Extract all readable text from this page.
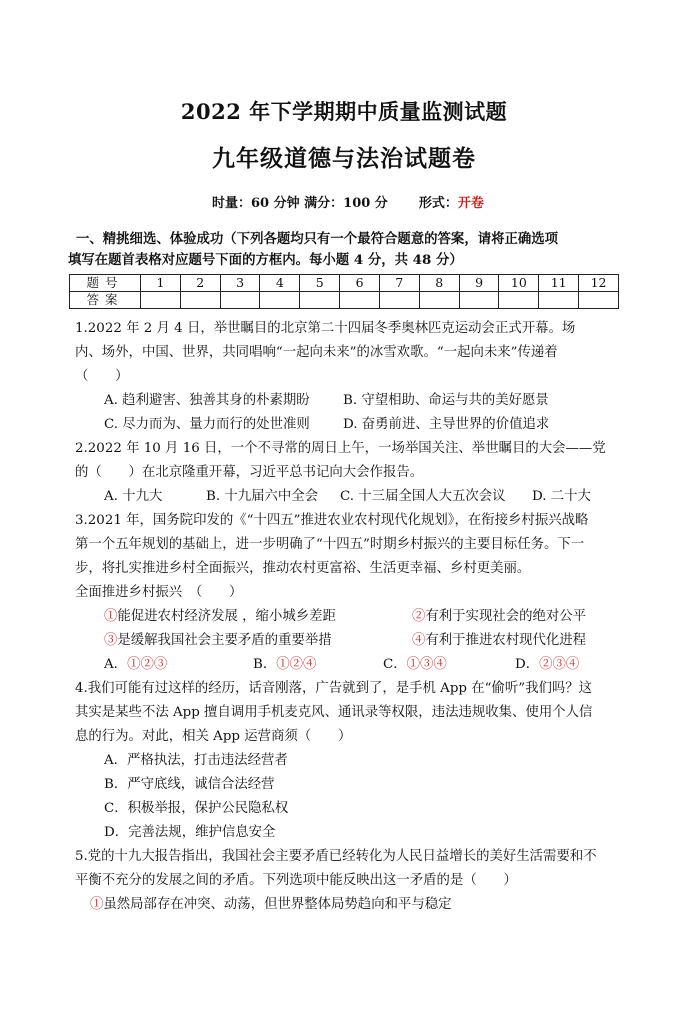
2022 年下学期期中质量监测试题
九年级道德与法治试题卷
时量：60 分钟 满分：100 分 形式：开卷
一、精挑细选、体验成功（下列各题均只有一个最符合题意的答案，请将正确选项
填写在题首表格对应题号下面的方框内。每小题 4 分，共 48 分）
题号	1	2	3	4	5	6	7	8	9	10	11	12
答案												
1.2022 年 2 月 4 日，举世瞩目的北京第二十四届冬季奥林匹克运动会正式开幕。场
内、场外，中国、世界，共同唱响“一起向未来”的冰雪欢歌。“一起向未来”传递着
（　　）
A. 趋利避害、独善其身的朴素期盼 B. 守望相助、命运与共的美好愿景
C. 尽力而为、量力而行的处世准则 D. 奋勇前进、主导世界的价值追求
2.2022 年 10 月 16 日，一个不寻常的周日上午，一场举国关注、举世瞩目的大会——党
的（　　）在北京隆重开幕，习近平总书记向大会作报告。
A. 十九大	B. 十九届六中全会 C. 十三届全国人大五次会议 D. 二十大
3.2021 年，国务院印发的《“十四五”推进农业农村现代化规划》，在衔接乡村振兴战略
第一个五年规划的基础上，进一步明确了“十四五”时期乡村振兴的主要目标任务。下一
步，将扎实推进乡村全面振兴，推动农村更富裕、生活更幸福、乡村更美丽。
全面推进乡村振兴　（　　）
①能促进农村经济发展 ，缩小城乡差距	②有利于实现社会的绝对公平
③是缓解我国社会主要矛盾的重要举措	④有利于推进农村现代化进程
A．①②③	B．①②④	C．①③④	D．②③④
4.我们可能有过这样的经历，话音刚落，广告就到了，是手机 App 在“偷听”我们吗？这
其实是某些不法 App 擅自调用手机麦克风、通讯录等权限，违法违规收集、使用个人信
息的行为。对此，相关 App 运营商须（　　）
A．严格执法，打击违法经营者
B．严守底线，诚信合法经营
C．积极举报，保护公民隐私权
D．完善法规，维护信息安全
5.党的十九大报告指出，我国社会主要矛盾已经转化为人民日益增长的美好生活需要和不
平衡不充分的发展之间的矛盾。下列选项中能反映出这一矛盾的是（　　）
①虽然局部存在冲突、动荡，但世界整体局势趋向和平与稳定
